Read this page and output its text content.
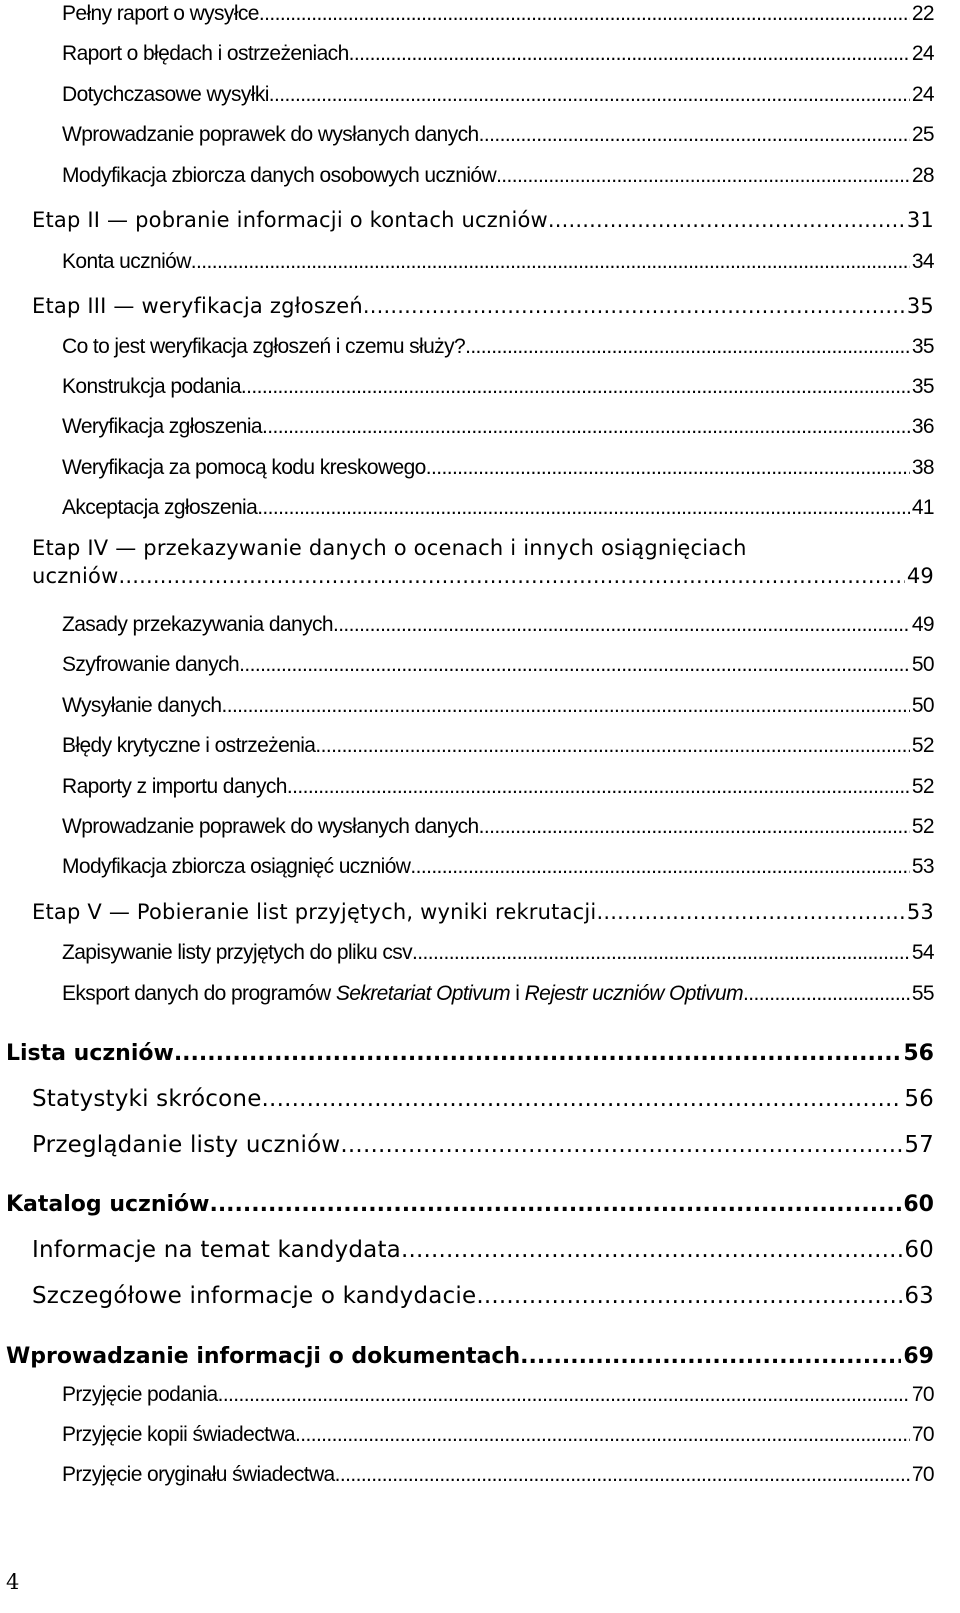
Pełny raport o wysyłce .....	22
Raport o błędach i ostrzeżeniach .....	24
Dotychczasowe wysyłki .....	24
Wprowadzanie poprawek do wysłanych danych .....	25
Modyfikacja zbiorcza danych osobowych uczniów .....	28
Etap II — pobranie informacji o kontach uczniów .....	31
Konta uczniów .....	34
Etap III — weryfikacja zgłoszeń .....	35
Co to jest weryfikacja zgłoszeń i czemu służy? .....	35
Konstrukcja podania .....	35
Weryfikacja zgłoszenia .....	36
Weryfikacja za pomocą kodu kreskowego .....	38
Akceptacja zgłoszenia .....	41
Etap IV — przekazywanie danych o ocenach i innych osiągnięciach
uczniów .....	49
Zasady przekazywania danych .....	49
Szyfrowanie danych .....	50
Wysyłanie danych .....	50
Błędy krytyczne i ostrzeżenia .....	52
Raporty z importu danych .....	52
Wprowadzanie poprawek do wysłanych danych .....	52
Modyfikacja zbiorcza osiągnięć uczniów .....	53
Etap V — Pobieranie list przyjętych, wyniki rekrutacji .....	53
Zapisywanie listy przyjętych do pliku csv .....	54
Eksport danych do programów Sekretariat Optivum i Rejestr uczniów Optivum .....	55
Lista uczniów .....	56
Statystyki skrócone .....	56
Przeglądanie listy uczniów .....	57
Katalog uczniów .....	60
Informacje na temat kandydata .....	60
Szczegółowe informacje o kandydacie .....	63
Wprowadzanie informacji o dokumentach .....	69
Przyjęcie podania .....	70
Przyjęcie kopii świadectwa .....	70
Przyjęcie oryginału świadectwa .....	70
4
